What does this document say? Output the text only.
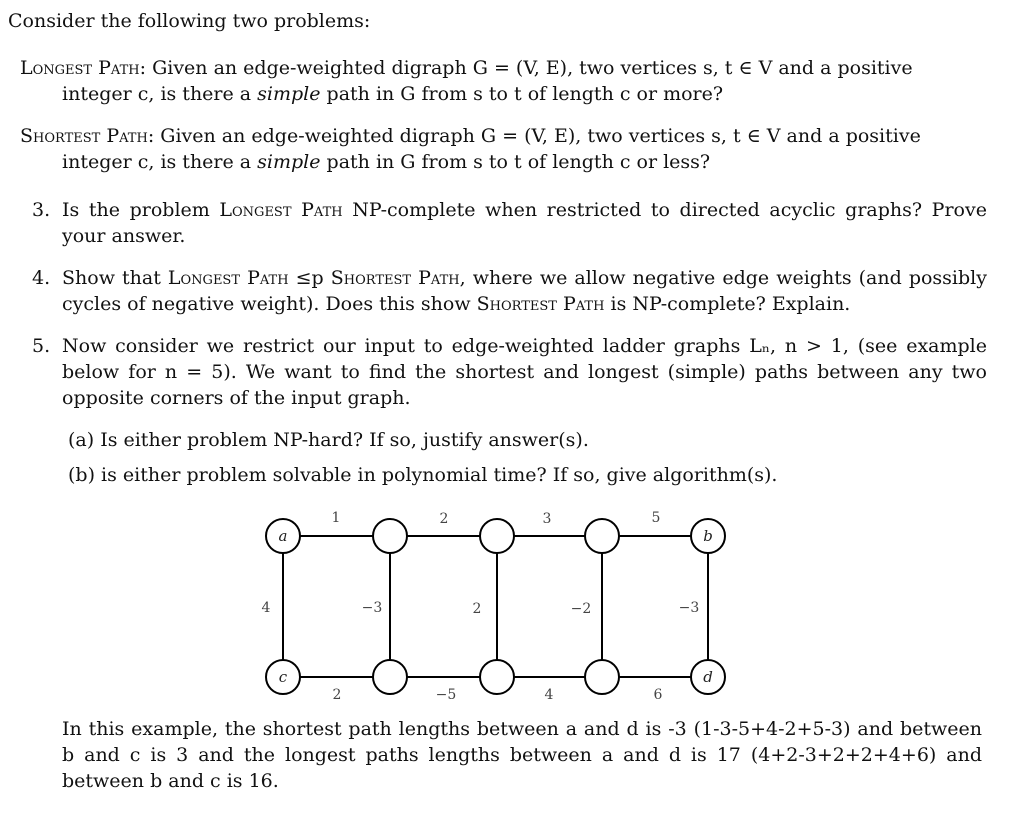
Consider the following two problems:
Longest Path: Given an edge-weighted digraph G = (V, E), two vertices s, t ∈ V and a positive integer c, is there a simple path in G from s to t of length c or more?
Shortest Path: Given an edge-weighted digraph G = (V, E), two vertices s, t ∈ V and a positive integer c, is there a simple path in G from s to t of length c or less?
3. Is the problem Longest Path NP-complete when restricted to directed acyclic graphs? Prove your answer.
4. Show that Longest Path ≤p Shortest Path, where we allow negative edge weights (and possibly cycles of negative weight). Does this show Shortest Path is NP-complete? Explain.
5. Now consider we restrict our input to edge-weighted ladder graphs Lₙ, n > 1, (see example below for n = 5). We want to find the shortest and longest (simple) paths between any two opposite corners of the input graph.
(a) Is either problem NP-hard? If so, justify answer(s).
(b) is either problem solvable in polynomial time? If so, give algorithm(s).
a	b
c	d
1	2	3	5
4	−3	2	−2	−3
2	−5	4	6
In this example, the shortest path lengths between a and d is -3 (1-3-5+4-2+5-3) and between b and c is 3 and the longest paths lengths between a and d is 17 (4+2-3+2+2+4+6) and between b and c is 16.
